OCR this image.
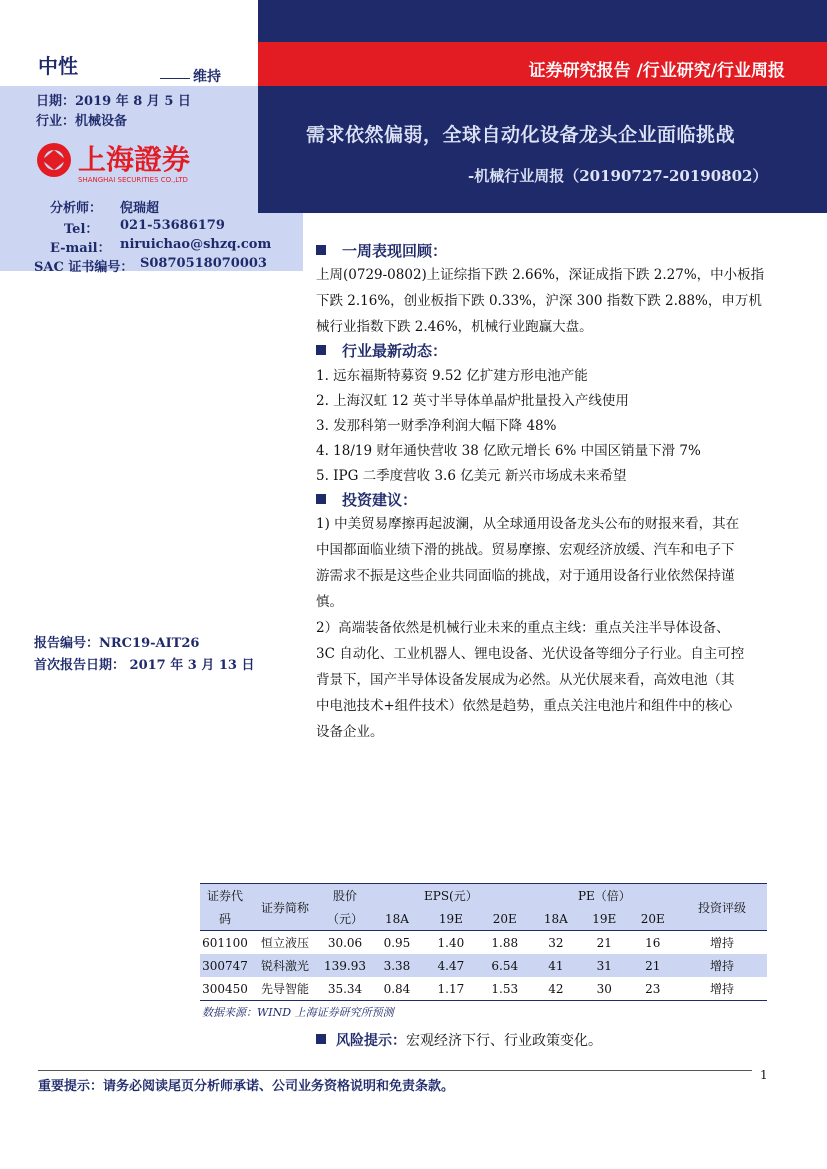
证券研究报告 /行业研究/行业周报
需求依然偏弱，全球自动化设备龙头企业面临挑战
-机械行业周报（20190727-20190802）
中性	维持
日期：2019 年 8 月 5 日
行业：机械设备
上海證券
SHANGHAI SECURITIES CO.,LTD
分析师： 倪瑞超
Tel： 021-53686179
E-mail： niruichao@shzq.com
SAC 证书编号： S0870518070003
报告编号：NRC19-AIT26
首次报告日期： 2017 年 3 月 13 日
一周表现回顾：
上周(0729-0802)上证综指下跌 2.66%，深证成指下跌 2.27%，中小板指
下跌 2.16%，创业板指下跌 0.33%，沪深 300 指数下跌 2.88%，申万机
械行业指数下跌 2.46%，机械行业跑赢大盘。
行业最新动态：
1. 远东福斯特募资 9.52 亿扩建方形电池产能
2. 上海汉虹 12 英寸半导体单晶炉批量投入产线使用
3. 发那科第一财季净利润大幅下降 48%
4. 18/19 财年通快营收 38 亿欧元增长 6% 中国区销量下滑 7%
5. IPG 二季度营收 3.6 亿美元 新兴市场成未来希望
投资建议：
1) 中美贸易摩擦再起波澜，从全球通用设备龙头公布的财报来看，其在
中国都面临业绩下滑的挑战。贸易摩擦、宏观经济放缓、汽车和电子下
游需求不振是这些企业共同面临的挑战，对于通用设备行业依然保持谨
慎。
2）高端装备依然是机械行业未来的重点主线：重点关注半导体设备、
3C 自动化、工业机器人、锂电设备、光伏设备等细分子行业。自主可控
背景下，国产半导体设备发展成为必然。从光伏展来看，高效电池（其
中电池技术+组件技术）依然是趋势，重点关注电池片和组件中的核心
设备企业。
证券代	证券简称	股价	EPS(元）			PE（倍）			投资评级
码		（元）	18A	19E	20E	18A	19E	20E	
601100	恒立液压	30.06	0.95	1.40	1.88	32	21	16	增持
300747	锐科激光	139.93	3.38	4.47	6.54	41	31	21	增持
300450	先导智能	35.34	0.84	1.17	1.53	42	30	23	增持
数据来源：WIND 上海证券研究所预测
风险提示：宏观经济下行、行业政策变化。
1
重要提示：请务必阅读尾页分析师承诺、公司业务资格说明和免责条款。
